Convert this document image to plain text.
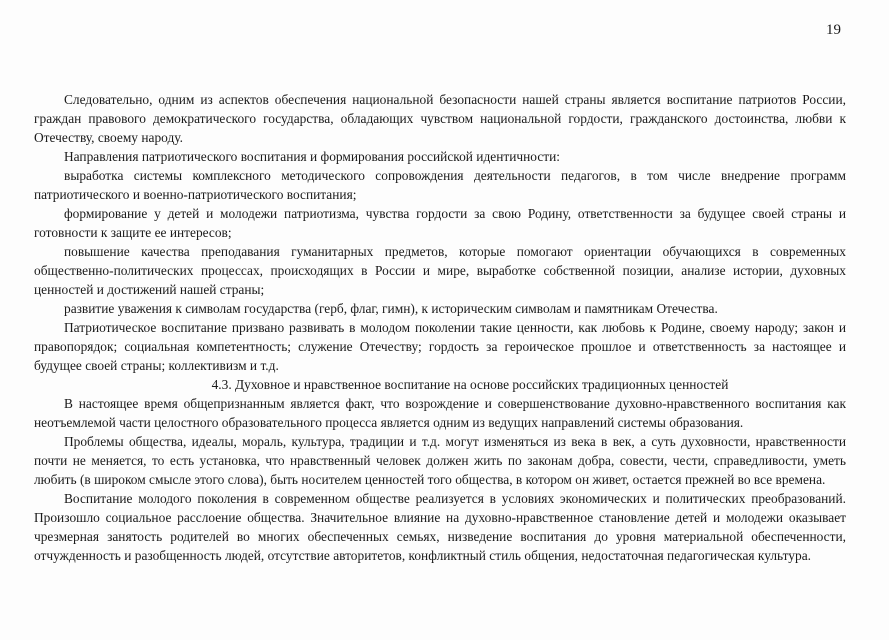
19

Следовательно, одним из аспектов обеспечения национальной безопасности нашей страны является воспитание патриотов России, граждан правового демократического государства, обладающих чувством национальной гордости, гражданского достоинства, любви к Отечеству, своему народу.

Направления патриотического воспитания и формирования российской идентичности:

выработка системы комплексного методического сопровождения деятельности педагогов, в том числе внедрение программ патриотического и военно-патриотического воспитания;

формирование у детей и молодежи патриотизма, чувства гордости за свою Родину, ответственности за будущее своей страны и готовности к защите ее интересов;

повышение качества преподавания гуманитарных предметов, которые помогают ориентации обучающихся в современных общественно-политических процессах, происходящих в России и мире, выработке собственной позиции, анализе истории, духовных ценностей и достижений нашей страны;

развитие уважения к символам государства (герб, флаг, гимн), к историческим символам и памятникам Отечества.

Патриотическое воспитание призвано развивать в молодом поколении такие ценности, как любовь к Родине, своему народу; закон и правопорядок; социальная компетентность; служение Отечеству; гордость за героическое прошлое и ответственность за настоящее и будущее своей страны; коллективизм и т.д.

4.3. Духовное и нравственное воспитание на основе российских традиционных ценностей

В настоящее время общепризнанным является факт, что возрождение и совершенствование духовно-нравственного воспитания как неотъемлемой части целостного образовательного процесса является одним из ведущих направлений системы образования.

Проблемы общества, идеалы, мораль, культура, традиции и т.д. могут изменяться из века в век, а суть духовности, нравственности почти не меняется, то есть установка, что нравственный человек должен жить по законам добра, совести, чести, справедливости, уметь любить (в широком смысле этого слова), быть носителем ценностей того общества, в котором он живет, остается прежней во все времена.

Воспитание молодого поколения в современном обществе реализуется в условиях экономических и политических преобразований. Произошло социальное расслоение общества. Значительное влияние на духовно-нравственное становление детей и молодежи оказывает чрезмерная занятость родителей во многих обеспеченных семьях, низведение воспитания до уровня материальной обеспеченности, отчужденность и разобщенность людей, отсутствие авторитетов, конфликтный стиль общения, недостаточная педагогическая культура.
